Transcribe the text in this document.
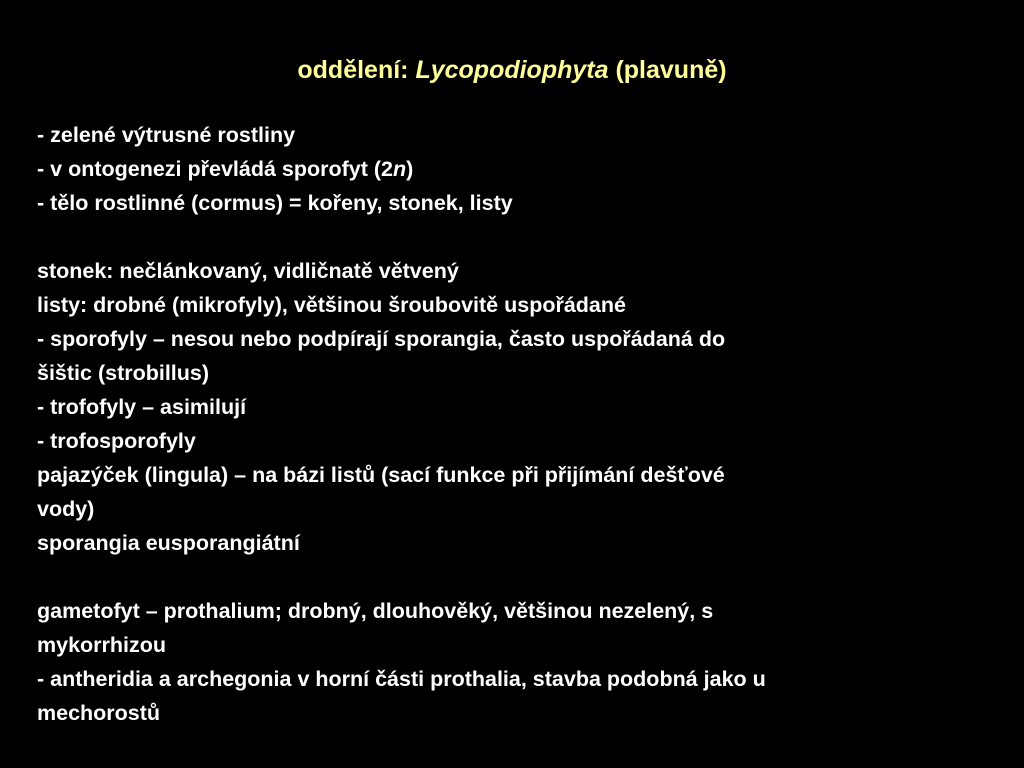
oddělení: Lycopodiophyta (plavuně)
- zelené výtrusné rostliny
- v ontogenezi převládá sporofyt (2n)
- tělo rostlinné (cormus) = kořeny, stonek, listy
stonek: nečlánkovaný, vidličnatě větvený
listy: drobné (mikrofyly), většinou šroubovitě uspořádané
- sporofyly – nesou nebo podpírají sporangia, často uspořádaná do
šištic (strobillus)
- trofofyly – asimilují
- trofosporofyly
pajazýček (lingula) – na bázi listů (sací funkce při přijímání dešťové
vody)
sporangia eusporangiátní
gametofyt – prothalium; drobný, dlouhověký, většinou nezelený, s
mykorrhizou
- antheridia a archegonia v horní části prothalia, stavba podobná jako u
mechorostů
